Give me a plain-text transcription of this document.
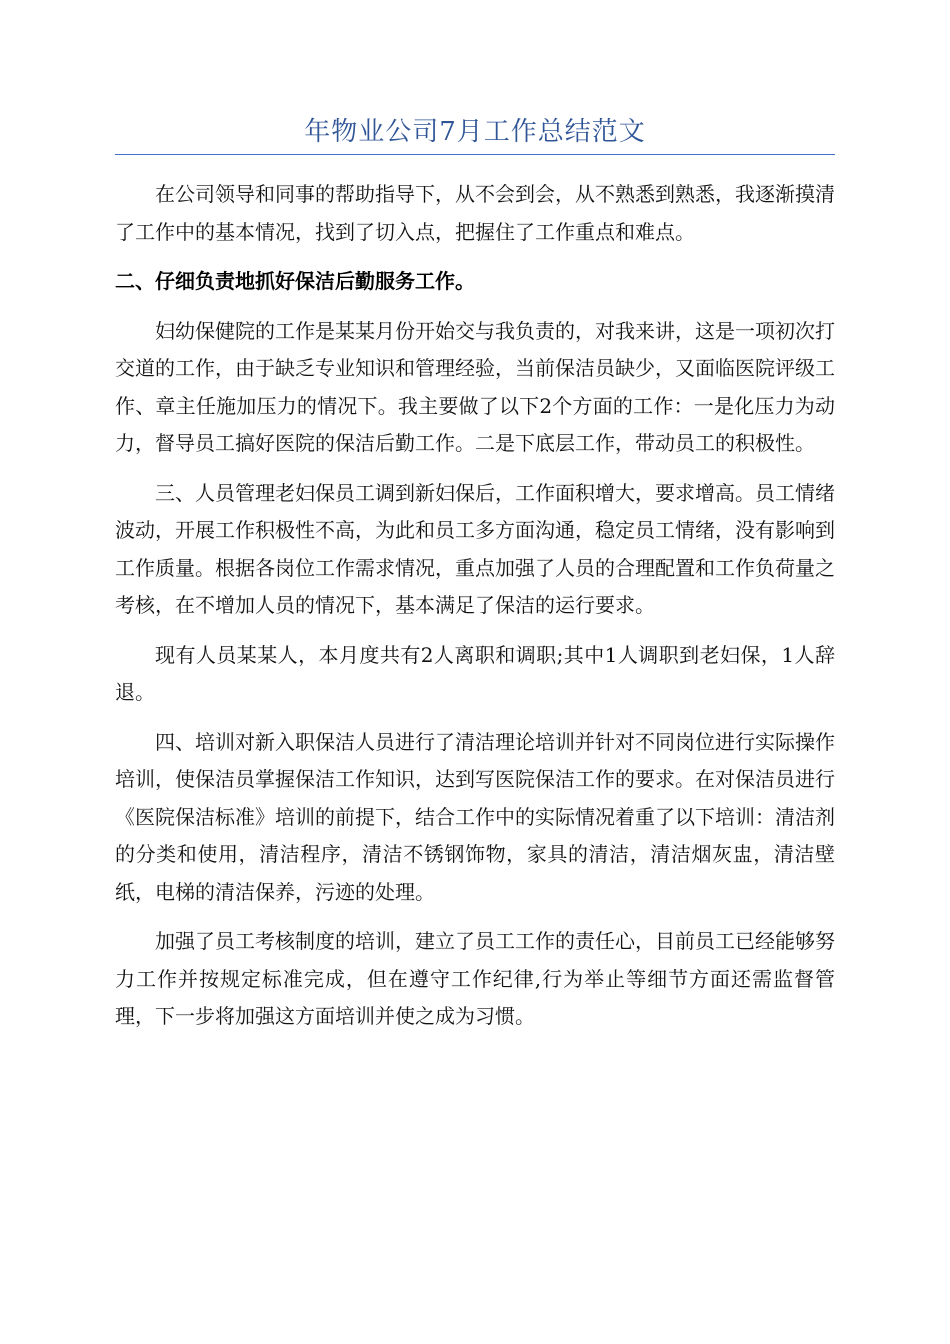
年物业公司7月工作总结范文

在公司领导和同事的帮助指导下，从不会到会，从不熟悉到熟悉，我逐渐摸清了工作中的基本情况，找到了切入点，把握住了工作重点和难点。

二、仔细负责地抓好保洁后勤服务工作。

妇幼保健院的工作是某某月份开始交与我负责的，对我来讲，这是一项初次打交道的工作，由于缺乏专业知识和管理经验，当前保洁员缺少，又面临医院评级工作、章主任施加压力的情况下。我主要做了以下2个方面的工作：一是化压力为动力，督导员工搞好医院的保洁后勤工作。二是下底层工作，带动员工的积极性。

三、人员管理老妇保员工调到新妇保后，工作面积增大，要求增高。员工情绪波动，开展工作积极性不高，为此和员工多方面沟通，稳定员工情绪，没有影响到工作质量。根据各岗位工作需求情况，重点加强了人员的合理配置和工作负荷量之考核，在不增加人员的情况下，基本满足了保洁的运行要求。

现有人员某某人，本月度共有2人离职和调职;其中1人调职到老妇保，1人辞退。

四、培训对新入职保洁人员进行了清洁理论培训并针对不同岗位进行实际操作培训，使保洁员掌握保洁工作知识，达到写医院保洁工作的要求。在对保洁员进行《医院保洁标准》培训的前提下，结合工作中的实际情况着重了以下培训：清洁剂的分类和使用，清洁程序，清洁不锈钢饰物，家具的清洁，清洁烟灰盅，清洁壁纸，电梯的清洁保养，污迹的处理。

加强了员工考核制度的培训，建立了员工工作的责任心，目前员工已经能够努力工作并按规定标准完成，但在遵守工作纪律,行为举止等细节方面还需监督管理，下一步将加强这方面培训并使之成为习惯。
